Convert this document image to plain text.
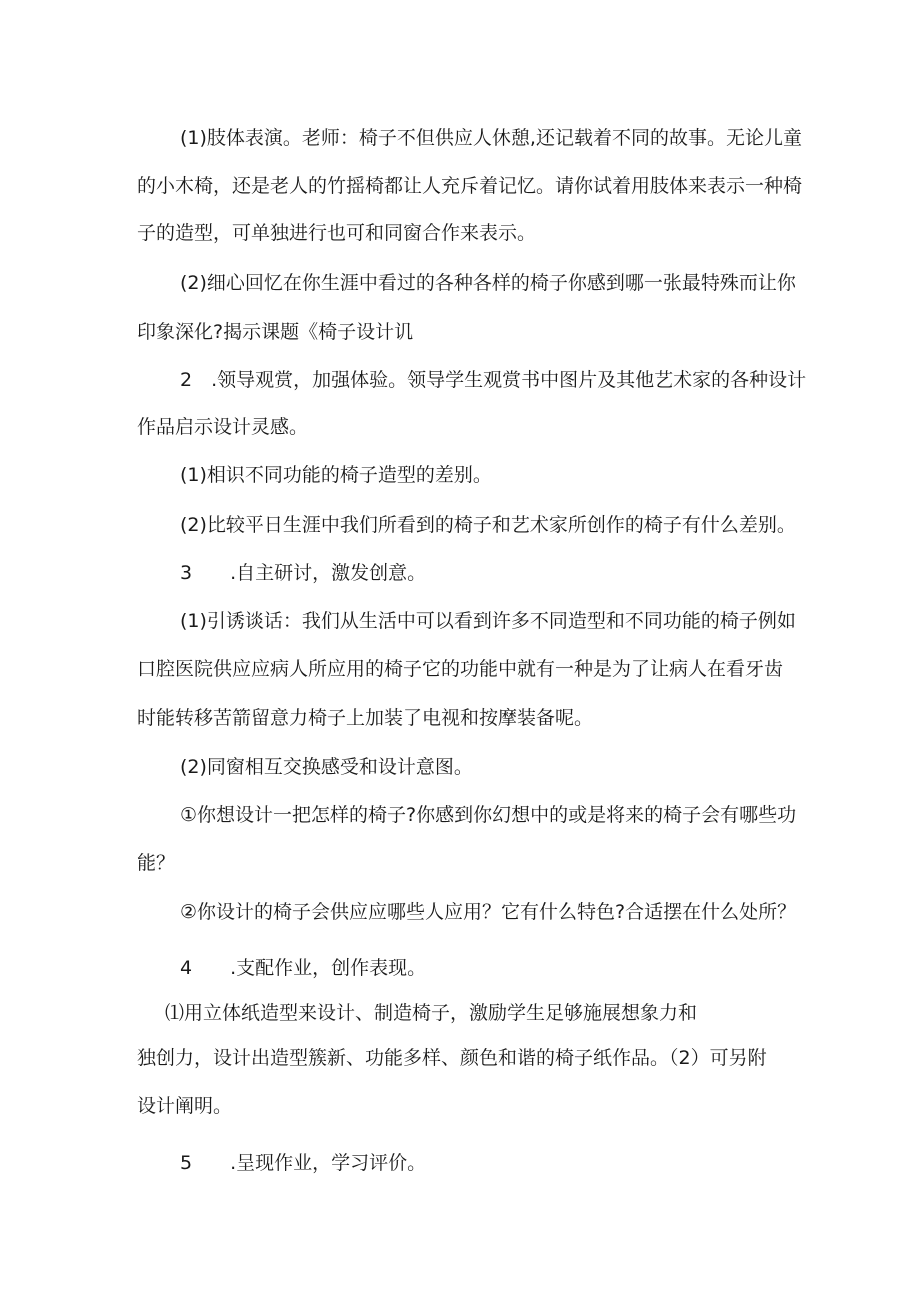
(1)肢体表演。老师：椅子不但供应人休憩,还记载着不同的故事。无论儿童

的小木椅，还是老人的竹摇椅都让人充斥着记忆。请你试着用肢体来表示一种椅

子的造型，可单独进行也可和同窗合作来表示。

(2)细心回忆在你生涯中看过的各种各样的椅子你感到哪一张最特殊而让你

印象深化?揭示课题《椅子设计讥

2　.领导观赏，加强体验。领导学生观赏书中图片及其他艺术家的各种设计

作品启示设计灵感。

(1)相识不同功能的椅子造型的差别。

(2)比较平日生涯中我们所看到的椅子和艺术家所创作的椅子有什么差别。

3　　.自主研讨，激发创意。

(1)引诱谈话：我们从生活中可以看到许多不同造型和不同功能的椅子例如

口腔医院供应应病人所应用的椅子它的功能中就有一种是为了让病人在看牙齿

时能转移苦箭留意力椅子上加装了电视和按摩装备呢。

(2)同窗相互交换感受和设计意图。

①你想设计一把怎样的椅子?你感到你幻想中的或是将来的椅子会有哪些功

能？

②你设计的椅子会供应应哪些人应用？它有什么特色?合适摆在什么处所？

4　　.支配作业，创作表现。

⑴用立体纸造型来设计、制造椅子，激励学生足够施展想象力和

独创力，设计出造型簇新、功能多样、颜色和谐的椅子纸作品。（2）可另附

设计阐明。

5　　.呈现作业，学习评价。
